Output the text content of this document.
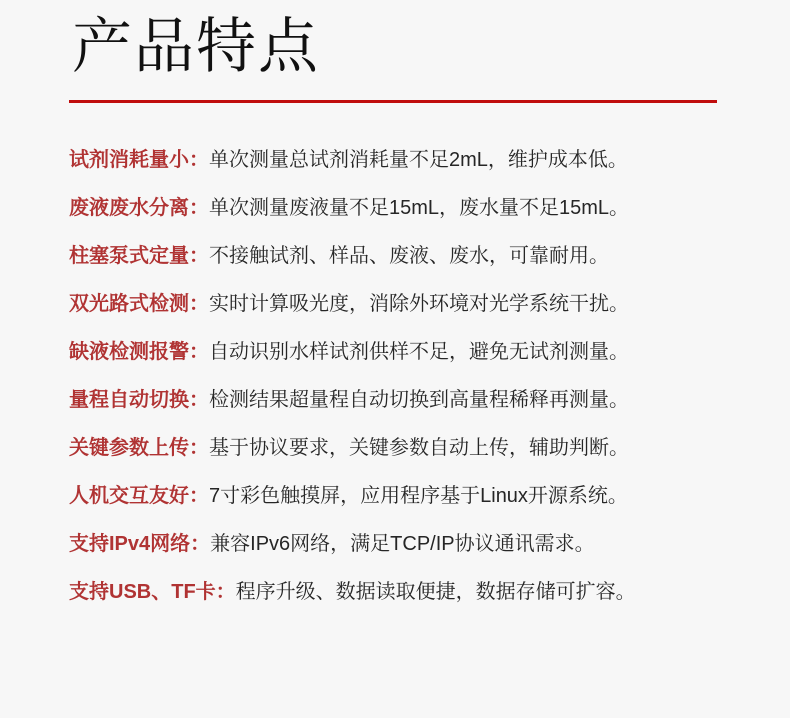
产品特点
试剂消耗量小：单次测量总试剂消耗量不足2mL，维护成本低。
废液废水分离：单次测量废液量不足15mL，废水量不足15mL。
柱塞泵式定量：不接触试剂、样品、废液、废水，可靠耐用。
双光路式检测：实时计算吸光度，消除外环境对光学系统干扰。
缺液检测报警：自动识别水样试剂供样不足，避免无试剂测量。
量程自动切换：检测结果超量程自动切换到高量程稀释再测量。
关键参数上传：基于协议要求，关键参数自动上传，辅助判断。
人机交互友好：7寸彩色触摸屏，应用程序基于Linux开源系统。
支持IPv4网络：兼容IPv6网络，满足TCP/IP协议通讯需求。
支持USB、TF卡：程序升级、数据读取便捷，数据存储可扩容。
